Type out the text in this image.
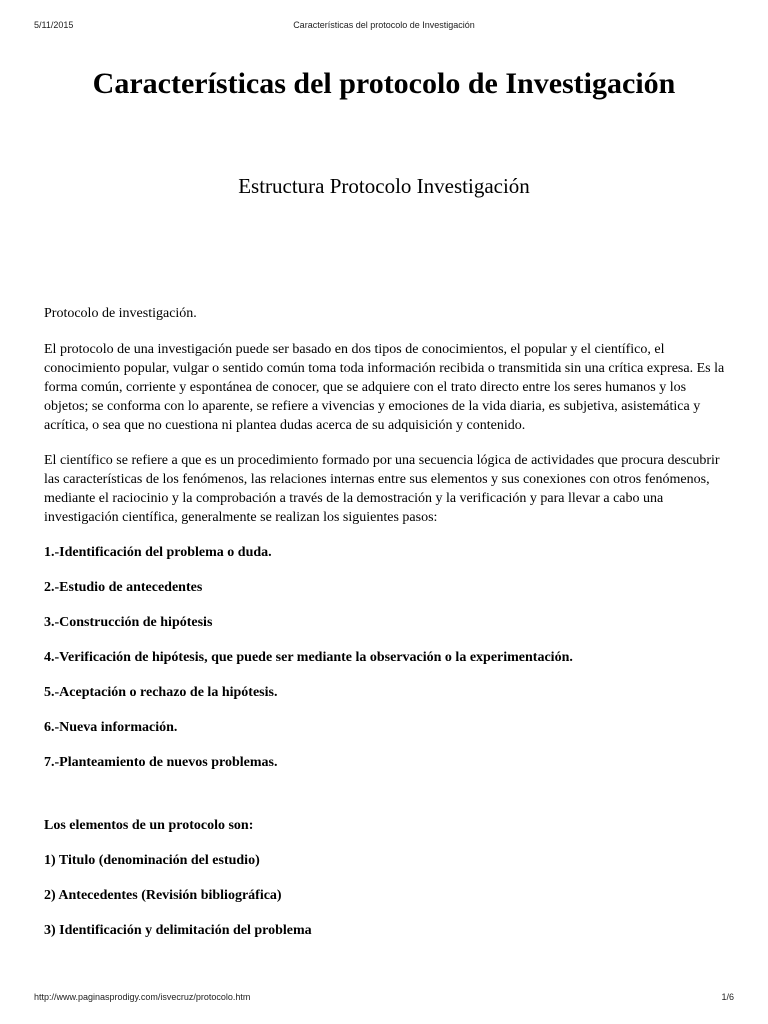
5/11/2015	Características del protocolo de Investigación
Características del protocolo de Investigación
Estructura Protocolo Investigación

Protocolo de investigación.

El protocolo de una investigación puede ser basado en dos tipos de conocimientos, el popular y el científico, el conocimiento popular, vulgar o sentido común toma toda información recibida o transmitida sin una crítica expresa. Es la forma común, corriente y espontánea de conocer, que se adquiere con el trato directo entre los seres humanos y los objetos; se conforma con lo aparente, se refiere a vivencias y emociones de la vida diaria, es subjetiva, asistemática y acrítica, o sea que no cuestiona ni plantea dudas acerca de su adquisición y contenido.

El científico se refiere a que es un procedimiento formado por una secuencia lógica de actividades que procura descubrir las características de los fenómenos, las relaciones internas entre sus elementos y sus conexiones con otros fenómenos, mediante el raciocinio y la comprobación a través de la demostración y la verificación y para llevar a cabo una investigación científica, generalmente se realizan los siguientes pasos:

1.-Identificación del problema o duda.

2.-Estudio de antecedentes

3.-Construcción de hipótesis

4.-Verificación de hipótesis, que puede ser mediante la observación o la experimentación.

5.-Aceptación o rechazo de la hipótesis.

6.-Nueva información.

7.-Planteamiento de nuevos problemas.

Los elementos de un protocolo son:

1) Titulo (denominación del estudio)

2) Antecedentes (Revisión bibliográfica)

3) Identificación y delimitación del problema

http://www.paginasprodigy.com/isvecruz/protocolo.htm	1/6
